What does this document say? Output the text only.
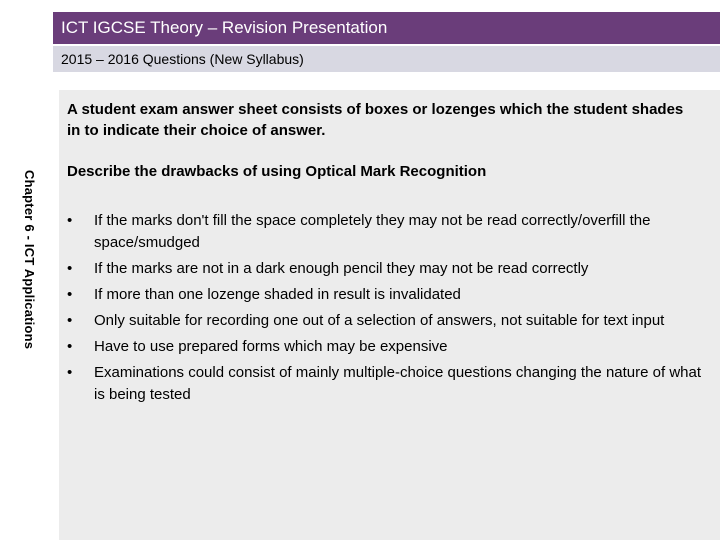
ICT IGCSE Theory – Revision Presentation
2015 – 2016 Questions (New Syllabus)
Chapter 6 - ICT Applications
A student exam answer sheet consists of boxes or lozenges which the student shades in to indicate their choice of answer.
Describe the drawbacks of using Optical Mark Recognition
•	If the marks don't fill the space completely they may not be read correctly/overfill the space/smudged
•	If the marks are not in a dark enough pencil they may not be read correctly
•	If more than one lozenge shaded in result is invalidated
•	Only suitable for recording one out of a selection of answers, not suitable for text input
•	Have to use prepared forms which may be expensive
•	Examinations could consist of mainly multiple-choice questions changing the nature of what is being tested
